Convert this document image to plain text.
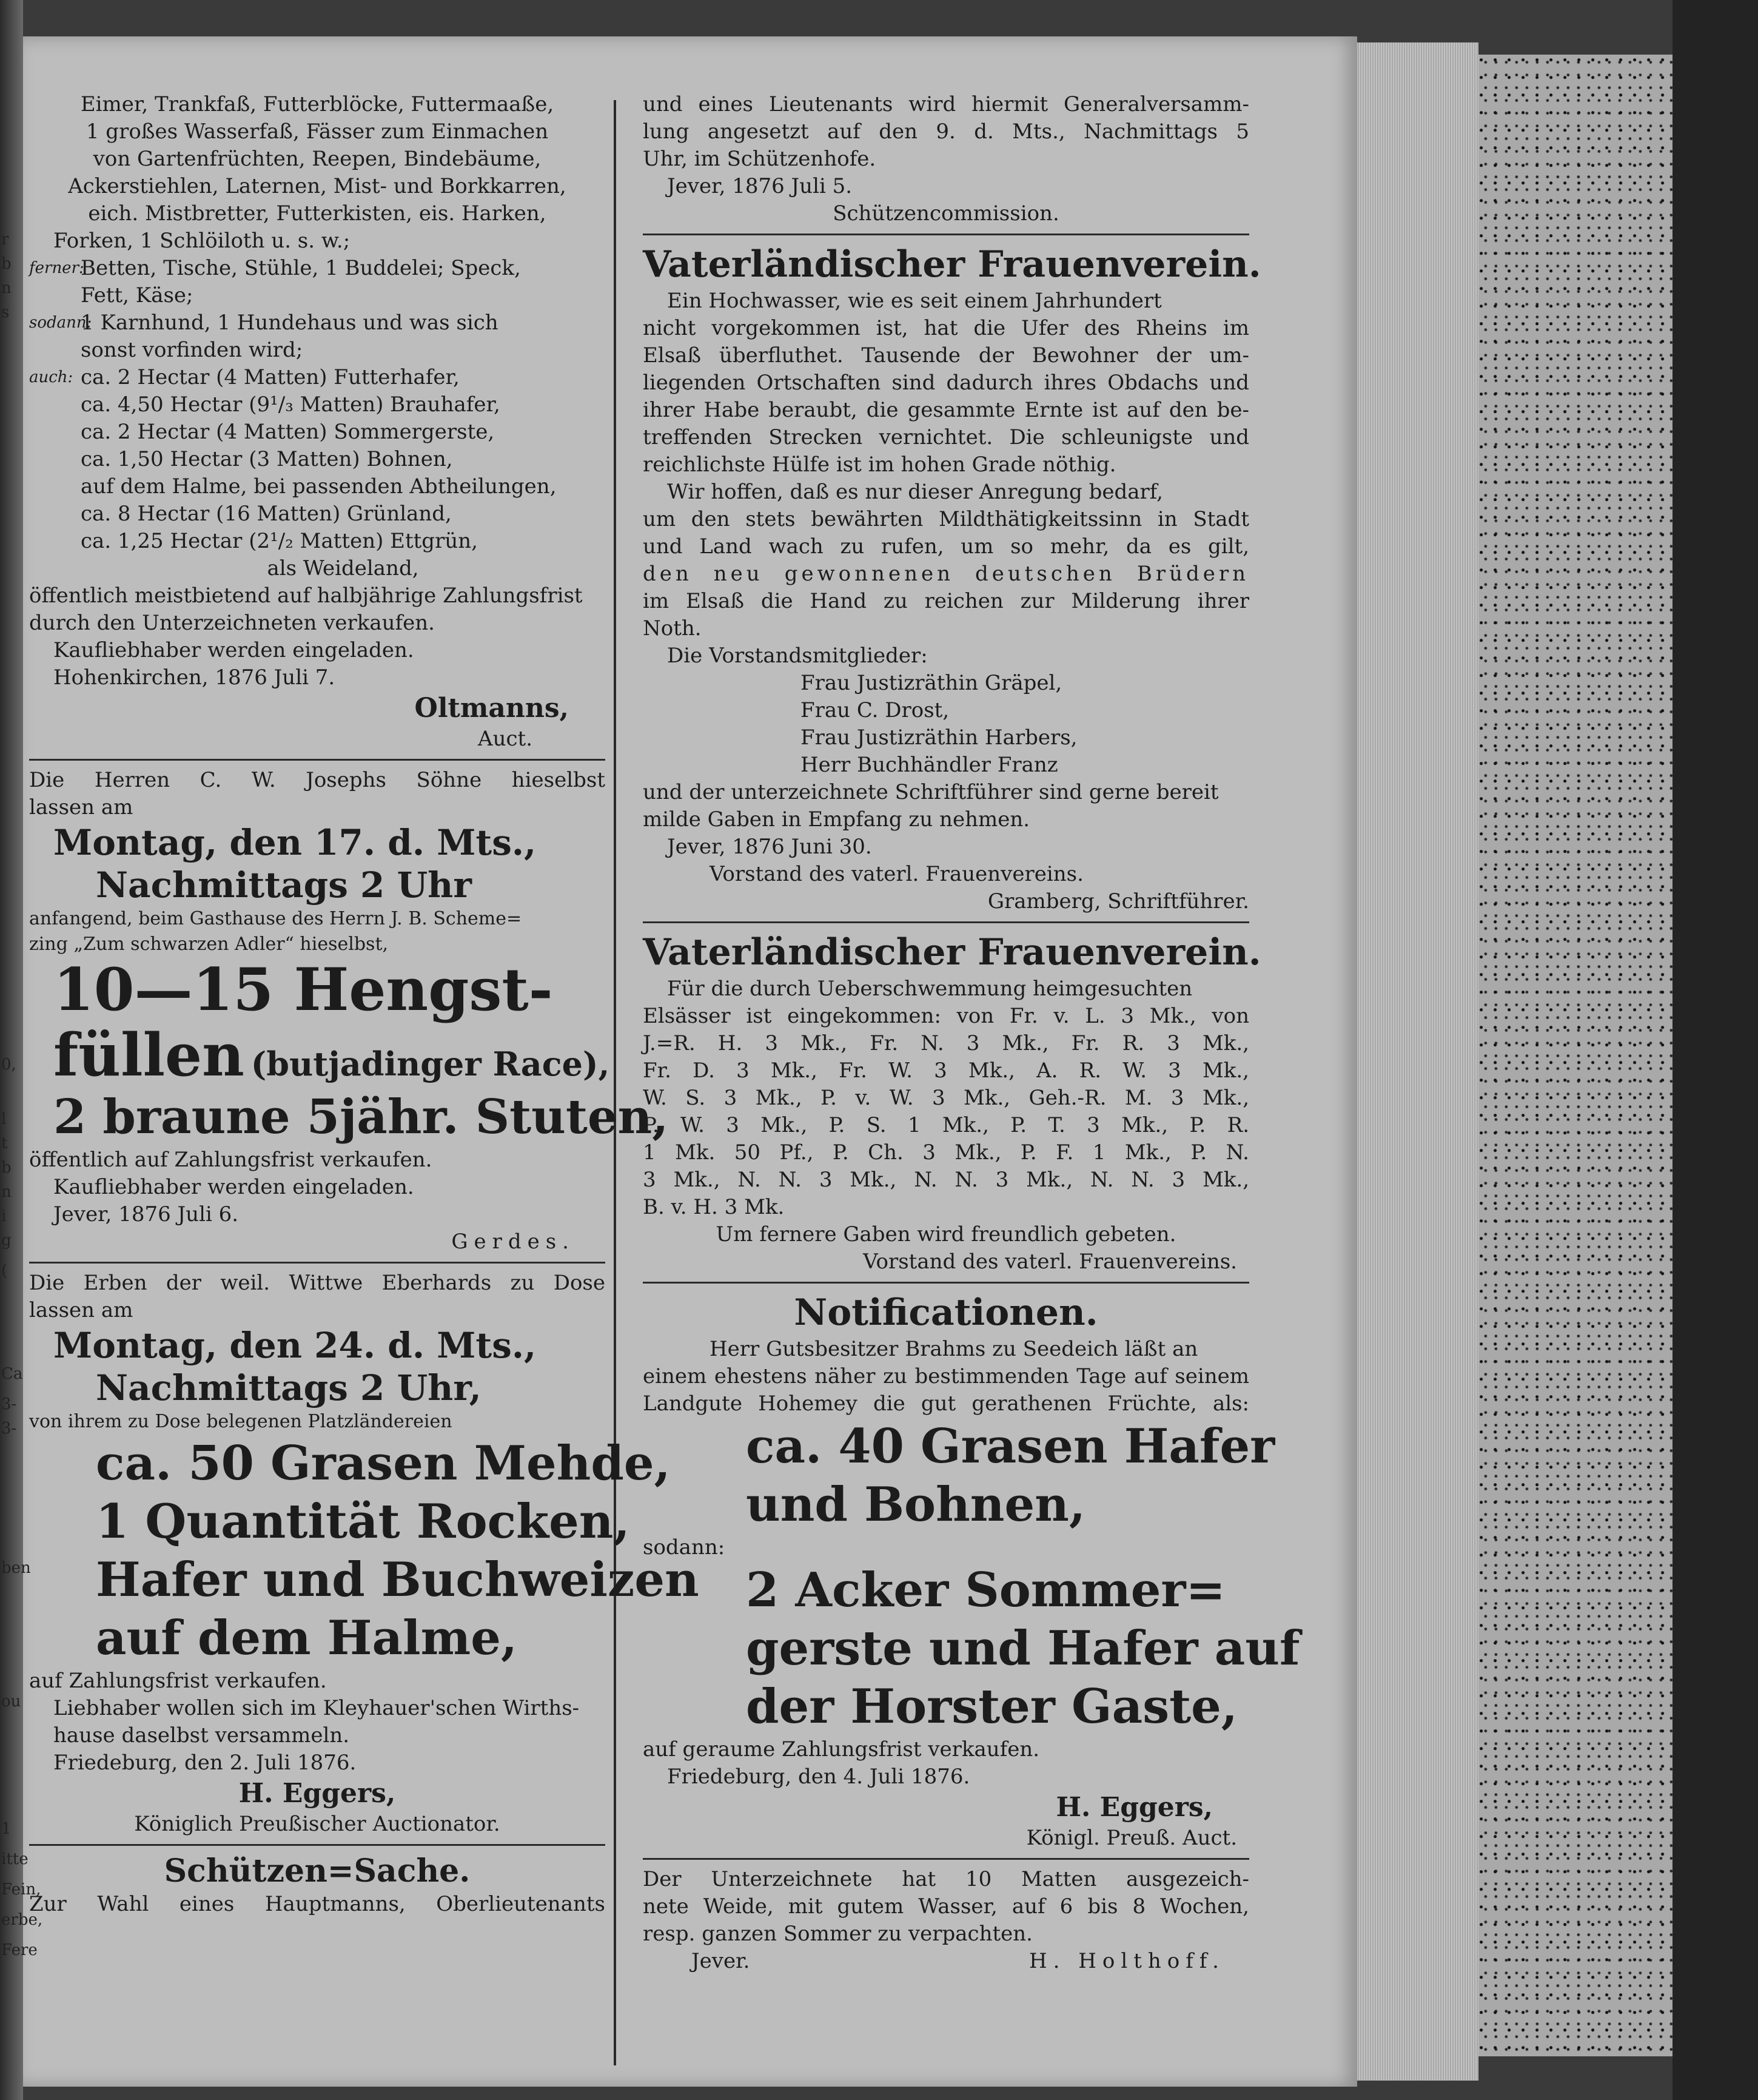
r
b
n
s
0,
l
t
b
n
i
g
(
Ca
3-
3-
ben
ou
1
itte
Fein,
erbe,
Fere

Eimer, Trankfaß, Futterblöcke, Futtermaaße,

1 großes Wasserfaß, Fässer zum Einmachen

von Gartenfrüchten, Reepen, Bindebäume,

Ackerstiehlen, Laternen, Mist- und Borkkarren,

eich. Mistbretter, Futterkisten, eis. Harken,

Forken, 1 Schlöiloth u. s. w.;

ferner:

Betten, Tische, Stühle, 1 Buddelei; Speck,

Fett, Käse;

sodann:

1 Karnhund, 1 Hundehaus und was sich

sonst vorfinden wird;

auch: ca. 2 Hectar (4 Matten) Futterhafer,

ca. 4,50 Hectar (9¹/₃ Matten) Brauhafer,

ca. 2 Hectar (4 Matten) Sommergerste,

ca. 1,50 Hectar (3 Matten) Bohnen,

auf dem Halme, bei passenden Abtheilungen,

ca. 8 Hectar (16 Matten) Grünland,

ca. 1,25 Hectar (2¹/₂ Matten) Ettgrün,

als Weideland,

öffentlich meistbietend auf halbjährige Zahlungsfrist

durch den Unterzeichneten verkaufen.

Kaufliebhaber werden eingeladen.

Hohenkirchen, 1876 Juli 7.

Oltmanns,

Auct.

Die Herren C. W. Josephs Söhne hieselbst

lassen am

Montag, den 17. d. Mts.,

Nachmittags 2 Uhr

anfangend, beim Gasthause des Herrn J. B. Scheme=

zing „Zum schwarzen Adler“ hieselbst,

10—15 Hengst-

füllen (butjadinger Race),

2 braune 5jähr. Stuten,

öffentlich auf Zahlungsfrist verkaufen.

Kaufliebhaber werden eingeladen.

Jever, 1876 Juli 6.

Gerdes.

Die Erben der weil. Wittwe Eberhards zu Dose

lassen am

Montag, den 24. d. Mts.,

Nachmittags 2 Uhr,

von ihrem zu Dose belegenen Platzländereien

ca. 50 Grasen Mehde,

1 Quantität Rocken,

Hafer und Buchweizen

auf dem Halme,

auf Zahlungsfrist verkaufen.

Liebhaber wollen sich im Kleyhauer'schen Wirths-

hause daselbst versammeln.

Friedeburg, den 2. Juli 1876.

H. Eggers,

Königlich Preußischer Auctionator.

Schützen=Sache.

Zur Wahl eines Hauptmanns, Oberlieutenants

und eines Lieutenants wird hiermit Generalversamm-

lung angesetzt auf den 9. d. Mts., Nachmittags 5

Uhr, im Schützenhofe.

Jever, 1876 Juli 5.

Schützencommission.

Vaterländischer Frauenverein.

Ein Hochwasser, wie es seit einem Jahrhundert

nicht vorgekommen ist, hat die Ufer des Rheins im

Elsaß überfluthet. Tausende der Bewohner der um-

liegenden Ortschaften sind dadurch ihres Obdachs und

ihrer Habe beraubt, die gesammte Ernte ist auf den be-

treffenden Strecken vernichtet. Die schleunigste und

reichlichste Hülfe ist im hohen Grade nöthig.

Wir hoffen, daß es nur dieser Anregung bedarf,

um den stets bewährten Mildthätigkeitssinn in Stadt

und Land wach zu rufen, um so mehr, da es gilt,

den neu gewonnenen deutschen Brüdern

im Elsaß die Hand zu reichen zur Milderung ihrer

Noth.

Die Vorstandsmitglieder:

Frau Justizräthin Gräpel,

Frau C. Drost,

Frau Justizräthin Harbers,

Herr Buchhändler Franz

und der unterzeichnete Schriftführer sind gerne bereit

milde Gaben in Empfang zu nehmen.

Jever, 1876 Juni 30.

Vorstand des vaterl. Frauenvereins.

Gramberg, Schriftführer.

Vaterländischer Frauenverein.

Für die durch Ueberschwemmung heimgesuchten

Elsässer ist eingekommen: von Fr. v. L. 3 Mk., von

J.=R. H. 3 Mk., Fr. N. 3 Mk., Fr. R. 3 Mk.,

Fr. D. 3 Mk., Fr. W. 3 Mk., A. R. W. 3 Mk.,

W. S. 3 Mk., P. v. W. 3 Mk., Geh.-R. M. 3 Mk.,

P. W. 3 Mk., P. S. 1 Mk., P. T. 3 Mk., P. R.

1 Mk. 50 Pf., P. Ch. 3 Mk., P. F. 1 Mk., P. N.

3 Mk., N. N. 3 Mk., N. N. 3 Mk., N. N. 3 Mk.,

B. v. H. 3 Mk.

Um fernere Gaben wird freundlich gebeten.

Vorstand des vaterl. Frauenvereins.

Notificationen.

Herr Gutsbesitzer Brahms zu Seedeich läßt an

einem ehestens näher zu bestimmenden Tage auf seinem

Landgute Hohemey die gut gerathenen Früchte, als:

ca. 40 Grasen Hafer

und Bohnen,

sodann:

2 Acker Sommer=

gerste und Hafer auf

der Horster Gaste,

auf geraume Zahlungsfrist verkaufen.

Friedeburg, den 4. Juli 1876.

H. Eggers,

Königl. Preuß. Auct.

Der Unterzeichnete hat 10 Matten ausgezeich-

nete Weide, mit gutem Wasser, auf 6 bis 8 Wochen,

resp. ganzen Sommer zu verpachten.

Jever.	H. Holthoff.
